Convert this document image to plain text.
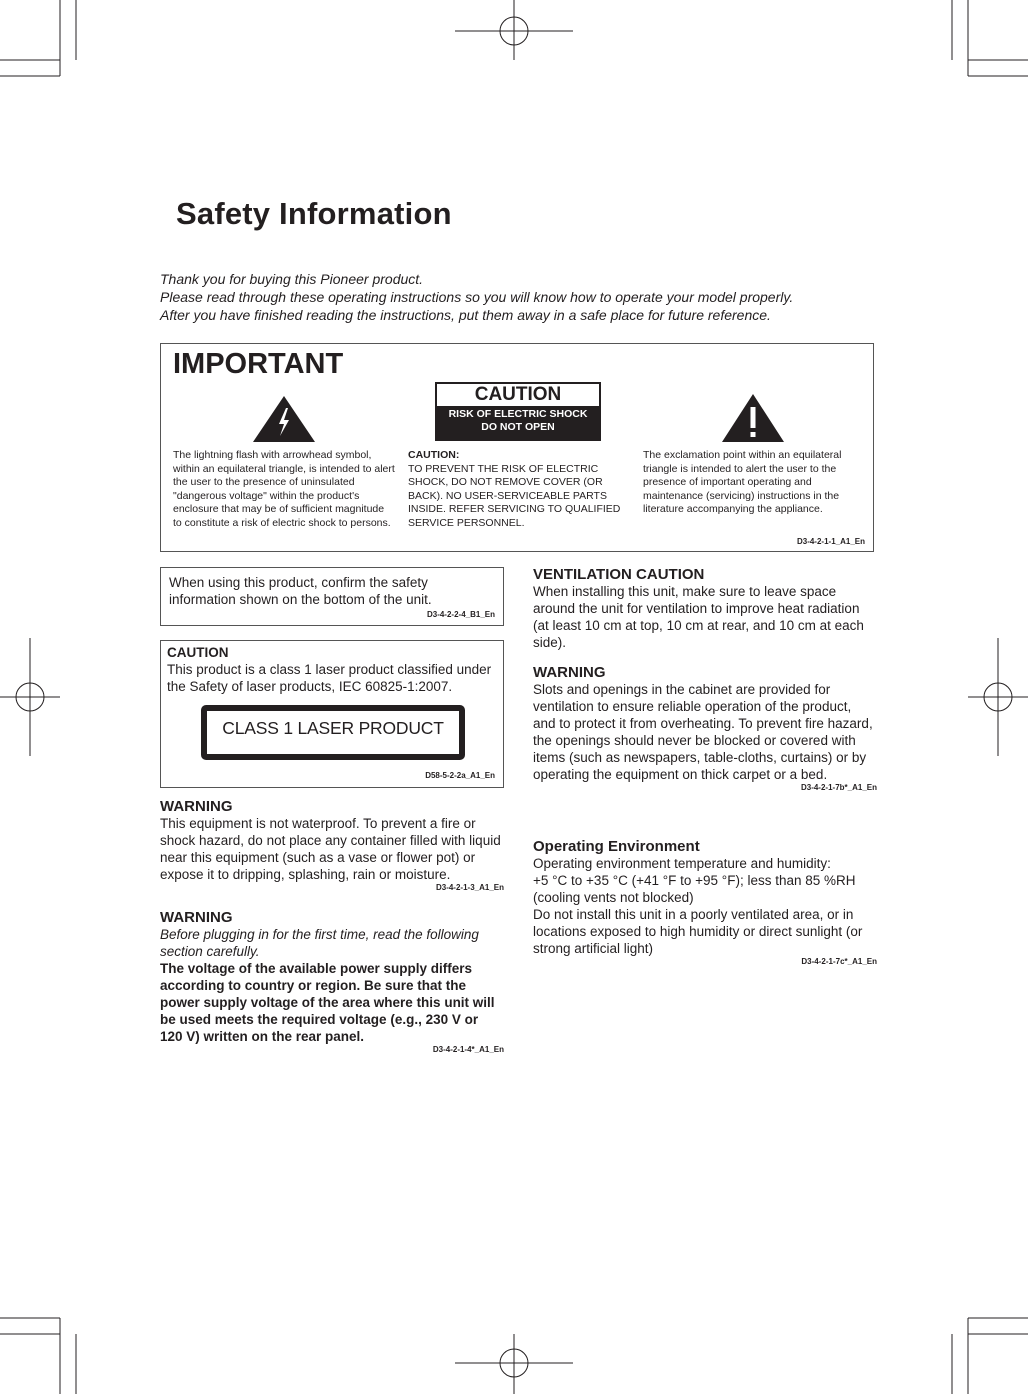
Safety Information

Thank you for buying this Pioneer product.

Please read through these operating instructions so you will know how to operate your model properly.

After you have finished reading the instructions, put them away in a safe place for future reference.

IMPORTANT
CAUTION
RISK OF ELECTRIC SHOCK
DO NOT OPEN

The lightning flash with arrowhead symbol, within an equilateral triangle, is intended to alert the user to the presence of uninsulated "dangerous voltage" within the product's enclosure that may be of sufficient magnitude to constitute a risk of electric shock to persons.

CAUTION:

TO PREVENT THE RISK OF ELECTRIC SHOCK, DO NOT REMOVE COVER (OR BACK). NO USER-SERVICEABLE PARTS INSIDE. REFER SERVICING TO QUALIFIED SERVICE PERSONNEL.

The exclamation point within an equilateral triangle is intended to alert the user to the presence of important operating and maintenance (servicing) instructions in the literature accompanying the appliance.

D3-4-2-1-1_A1_En

When using this product, confirm the safety information shown on the bottom of the unit.

D3-4-2-2-4_B1_En

CAUTION

This product is a class 1 laser product classified under the Safety of laser products, IEC 60825-1:2007.

CLASS 1 LASER PRODUCT

D58-5-2-2a_A1_En

WARNING

This equipment is not waterproof. To prevent a fire or shock hazard, do not place any container filled with liquid near this equipment (such as a vase or flower pot) or expose it to dripping, splashing, rain or moisture.

D3-4-2-1-3_A1_En

WARNING

Before plugging in for the first time, read the following section carefully.

The voltage of the available power supply differs according to country or region. Be sure that the power supply voltage of the area where this unit will be used meets the required voltage (e.g., 230 V or 120 V) written on the rear panel.

D3-4-2-1-4*_A1_En

VENTILATION CAUTION

When installing this unit, make sure to leave space around the unit for ventilation to improve heat radiation (at least 10 cm at top, 10 cm at rear, and 10 cm at each side).

WARNING

Slots and openings in the cabinet are provided for ventilation to ensure reliable operation of the product, and to protect it from overheating. To prevent fire hazard, the openings should never be blocked or covered with items (such as newspapers, table-cloths, curtains) or by operating the equipment on thick carpet or a bed.

D3-4-2-1-7b*_A1_En

Operating Environment

Operating environment temperature and humidity:

+5 °C to +35 °C (+41 °F to +95 °F); less than 85 %RH (cooling vents not blocked)

Do not install this unit in a poorly ventilated area, or in locations exposed to high humidity or direct sunlight (or strong artificial light)

D3-4-2-1-7c*_A1_En
